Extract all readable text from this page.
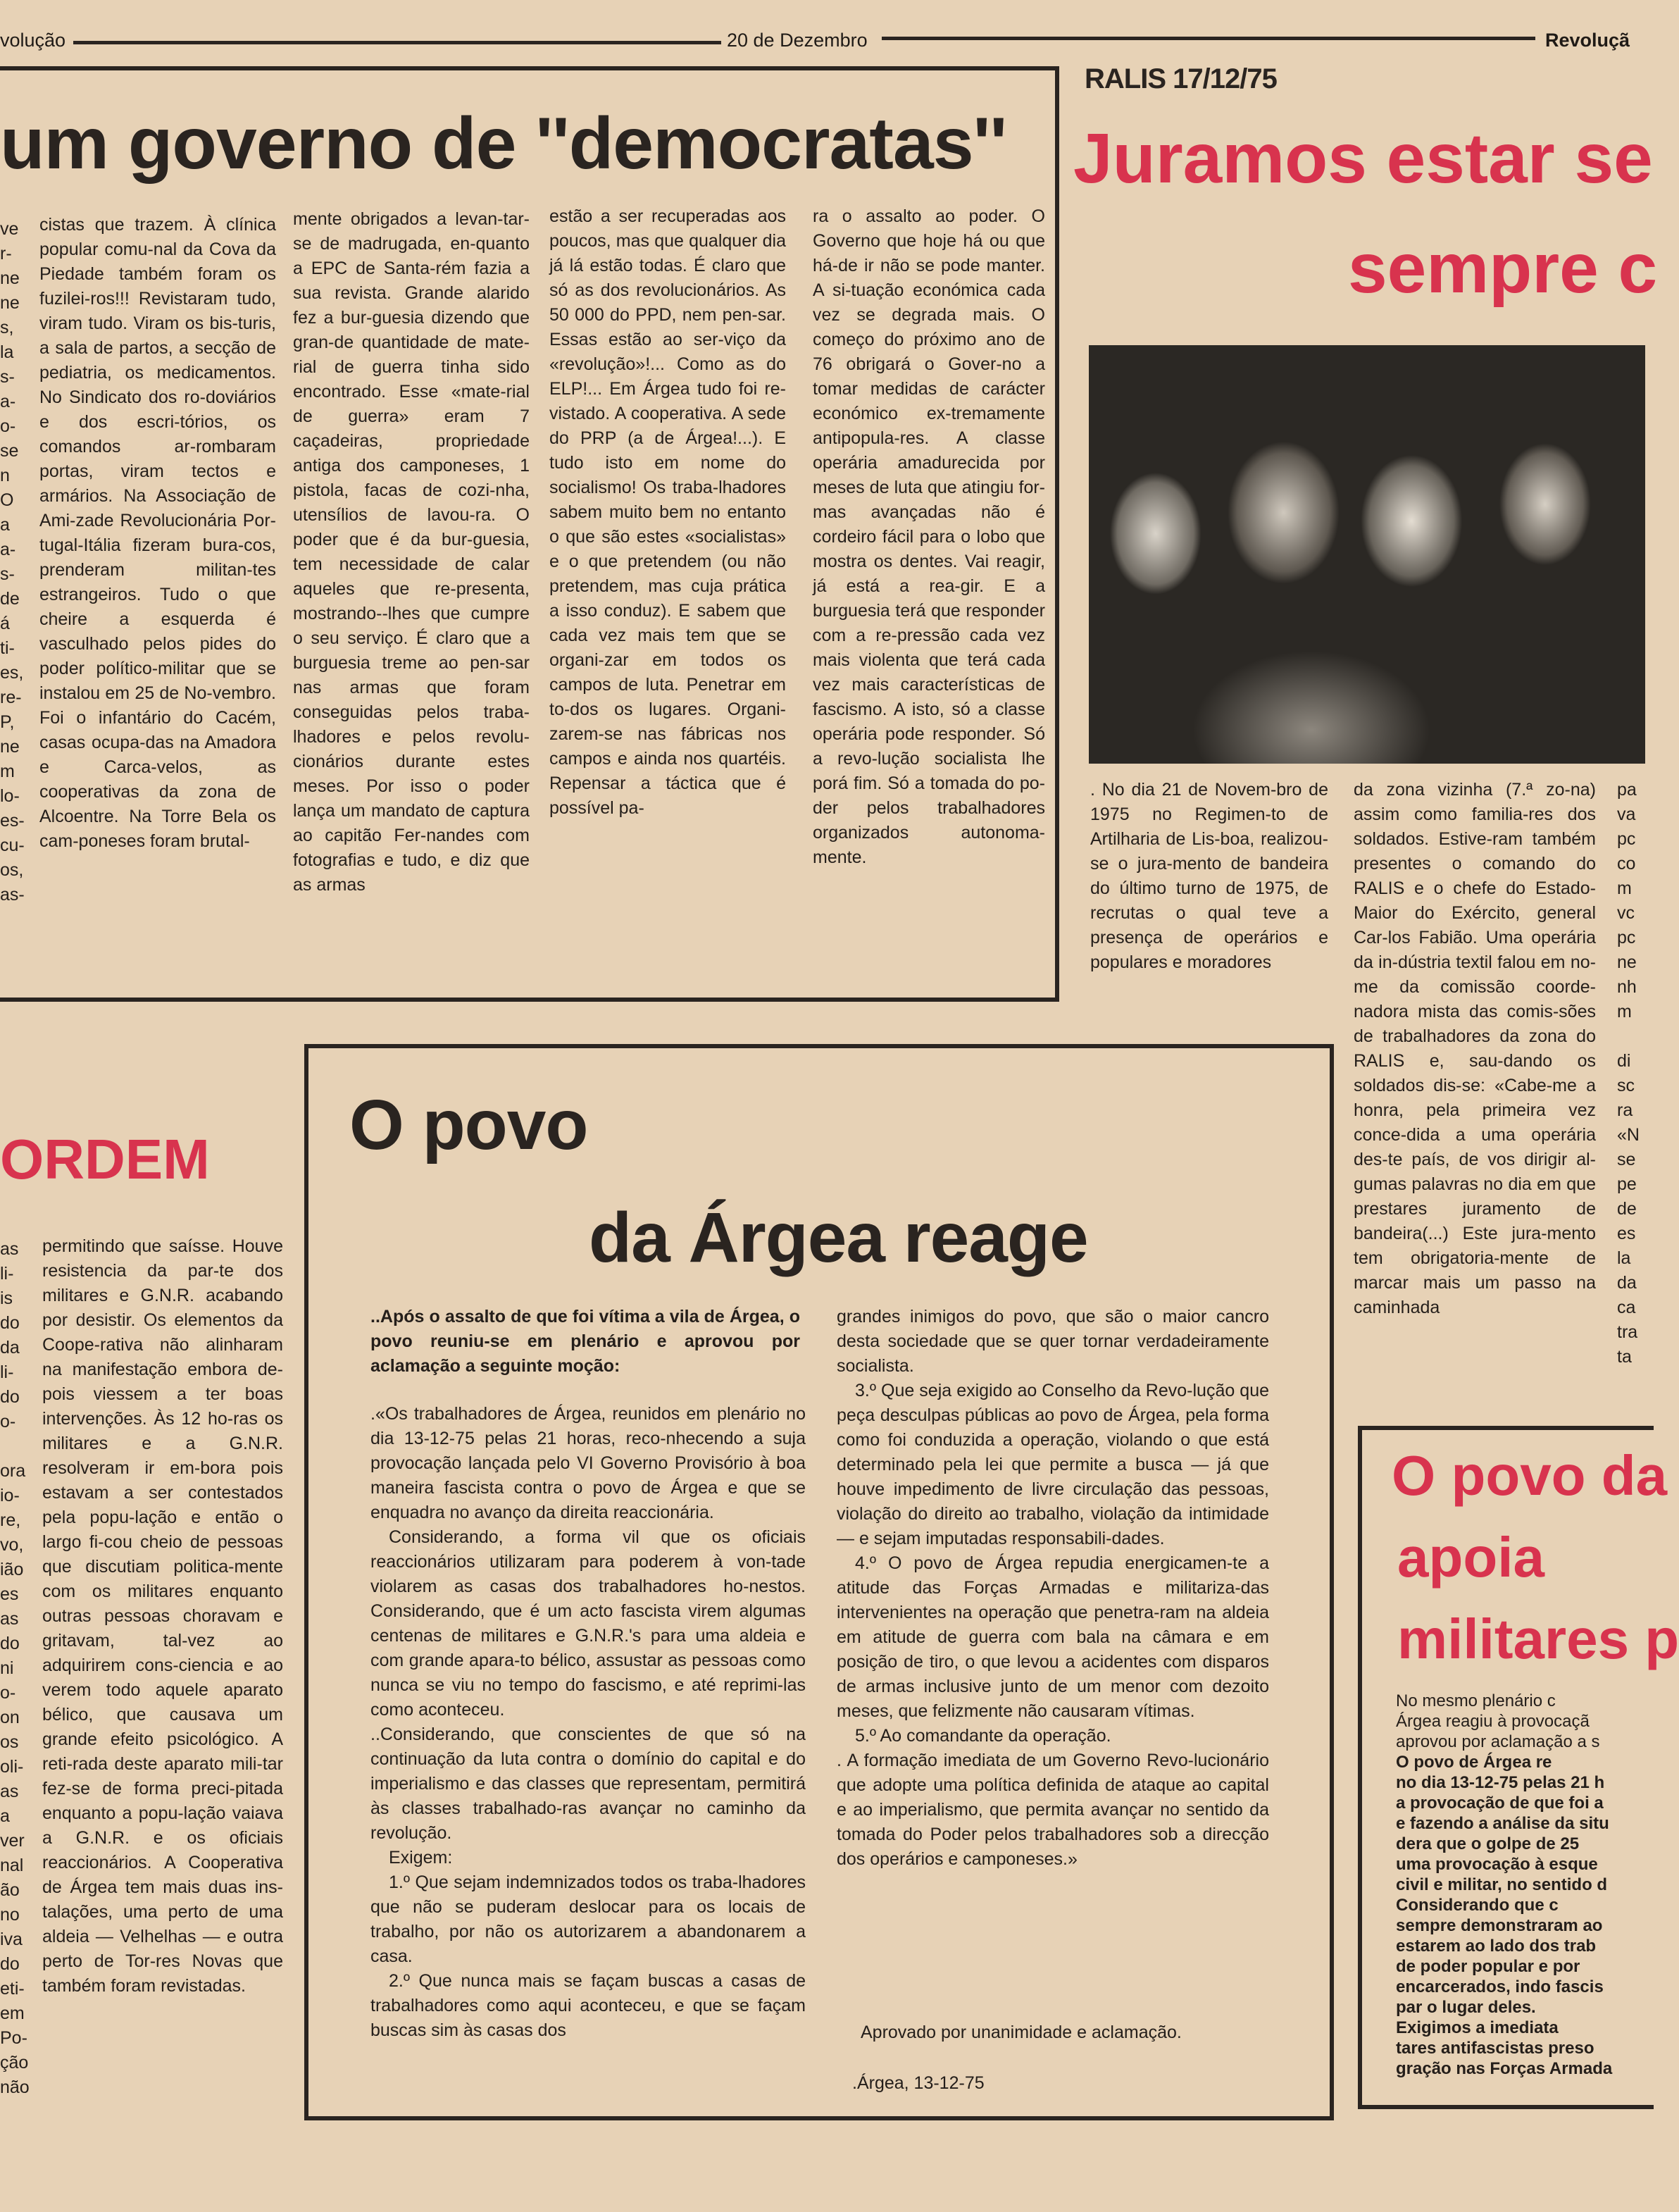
volução	20 de Dezembro	Revoluçã
um governo de ''democratas''
ve
r-
ne
ne
s,
la
s-
a-
o-
se
n
O
a
a-
s-
de
á
ti-
es,
re-
P,
ne
m
lo-
es-
cu-
os,
as-
cistas que trazem. À clínica popular comu-nal da Cova da Piedade também foram os fuzilei-ros!!! Revistaram tudo, viram tudo. Viram os bis-turis, a sala de partos, a secção de pediatria, os medicamentos. No Sindicato dos ro-doviários e dos escri-tórios, os comandos ar-rombaram portas, viram tectos e armários. Na Associação de Ami-zade Revolucionária Por-tugal-Itália fizeram bura-cos, prenderam militan-tes estrangeiros. Tudo o que cheire a esquerda é vasculhado pelos pides do poder político-militar que se instalou em 25 de No-vembro. Foi o infantário do Cacém, casas ocupa-das na Amadora e Carca-velos, as cooperativas da zona de Alcoentre. Na Torre Bela os cam-poneses foram brutal-
mente obrigados a levan-tar-se de madrugada, en-quanto a EPC de Santa-rém fazia a sua revista. Grande alarido fez a bur-guesia dizendo que gran-de quantidade de mate-rial de guerra tinha sido encontrado. Esse «mate-rial de guerra» eram 7 caçadeiras, propriedade antiga dos camponeses, 1 pistola, facas de cozi-nha, utensílios de lavou-ra. O poder que é da bur-guesia, tem necessidade de calar aqueles que re-presenta, mostrando--lhes que cumpre o seu serviço. É claro que a burguesia treme ao pen-sar nas armas que foram conseguidas pelos traba-lhadores e pelos revolu-cionários durante estes meses. Por isso o poder lança um mandato de captura ao capitão Fer-nandes com fotografias e tudo, e diz que as armas
estão a ser recuperadas aos poucos, mas que qualquer dia já lá estão todas. É claro que só as dos revolucionários. As 50 000 do PPD, nem pen-sar. Essas estão ao ser-viço da «revolução»!... Como as do ELP!... Em Árgea tudo foi re-vistado. A cooperativa. A sede do PRP (a de Árgea!...). E tudo isto em nome do socialismo! Os traba-lhadores sabem muito bem no entanto o que são estes «socialistas» e o que pretendem (ou não pretendem, mas cuja prática a isso conduz). E sabem que cada vez mais tem que se organi-zar em todos os campos de luta. Penetrar em to-dos os lugares. Organi-zarem-se nas fábricas nos campos e ainda nos quartéis. Repensar a táctica que é possível pa-
ra o assalto ao poder. O Governo que hoje há ou que há-de ir não se pode manter. A si-tuação económica cada vez se degrada mais. O começo do próximo ano de 76 obrigará o Gover-no a tomar medidas de carácter económico ex-tremamente antipopula-res. A classe operária amadurecida por meses de luta que atingiu for-mas avançadas não é cordeiro fácil para o lobo que mostra os dentes. Vai reagir, já está a rea-gir. E a burguesia terá que responder com a re-pressão cada vez mais violenta que terá cada vez mais características de fascismo. A isto, só a classe operária pode responder. Só a revo-lução socialista lhe porá fim. Só a tomada do po-der pelos trabalhadores organizados autonoma-mente.
RALIS 17/12/75
Juramos estar se
sempre c
. No dia 21 de Novem-bro de 1975 no Regimen-to de Artilharia de Lis-boa, realizou-se o jura-mento de bandeira do último turno de 1975, de recrutas o qual teve a presença de operários e populares e moradores
da zona vizinha (7.ª zo-na) assim como familia-res dos soldados. Estive-ram também presentes o comando do RALIS e o chefe do Estado-Maior do Exército, general Car-los Fabião. Uma operária da in-dústria textil falou em no-me da comissão coorde-nadora mista das comis-sões de trabalhadores da zona do RALIS e, sau-dando os soldados dis-se: «Cabe-me a honra, pela primeira vez conce-dida a uma operária des-te país, de vos dirigir al-gumas palavras no dia em que prestares juramento de bandeira(...) Este jura-mento tem obrigatoria-mente de marcar mais um passo na caminhada
pa
va
pc
co
m
vc
pc
ne
nh
m

di
sc
ra
«N
se
pe
de
es
la
da
ca
tra
ta
ORDEM
as
li-
is
do
da
li-
do
o-

ora
io-
re,
vo,
ião
es
as
do
ni
o-
on
os
oli-
as
a
ver
nal
ão
no
iva
do
eti-
em
Po-
ção
não
permitindo que saísse. Houve resistencia da par-te dos militares e G.N.R. acabando por desistir. Os elementos da Coope-rativa não alinharam na manifestação embora de-pois viessem a ter boas intervenções. Às 12 ho-ras os militares e a G.N.R. resolveram ir em-bora pois estavam a ser contestados pela popu-lação e então o largo fi-cou cheio de pessoas que discutiam politica-mente com os militares enquanto outras pessoas choravam e gritavam, tal-vez ao adquirirem cons-ciencia e ao verem todo aquele aparato bélico, que causava um grande efeito psicológico. A reti-rada deste aparato mili-tar fez-se de forma preci-pitada enquanto a popu-lação vaiava a G.N.R. e os oficiais reaccionários. A Cooperativa de Árgea tem mais duas ins-talações, uma perto de uma aldeia — Velhelhas — e outra perto de Tor-res Novas que também foram revistadas.
O povo
da Árgea reage
..Após o assalto de que foi vítima a vila de Árgea, o povo reuniu-se em plenário e aprovou por aclamação a seguinte moção:

.«Os trabalhadores de Árgea, reunidos em plenário no dia 13-12-75 pelas 21 horas, reco-nhecendo a suja provocação lançada pelo VI Governo Provisório à boa maneira fascista contra o povo de Árgea e que se enquadra no avanço da direita reaccionária.

Considerando, a forma vil que os oficiais reaccionários utilizaram para poderem à von-tade violarem as casas dos trabalhadores ho-nestos. Considerando, que é um acto fascista virem algumas centenas de militares e G.N.R.'s para uma aldeia e com grande apara-to bélico, assustar as pessoas como nunca se viu no tempo do fascismo, e até reprimi-las como aconteceu.

..Considerando, que conscientes de que só na continuação da luta contra o domínio do capital e do imperialismo e das classes que representam, permitirá às classes trabalhado-ras avançar no caminho da revolução.

Exigem:

1.º Que sejam indemnizados todos os traba-lhadores que não se puderam deslocar para os locais de trabalho, por não os autorizarem a abandonarem a casa.

2.º Que nunca mais se façam buscas a casas de trabalhadores como aqui aconteceu, e que se façam buscas sim às casas dos

grandes inimigos do povo, que são o maior cancro desta sociedade que se quer tornar verdadeiramente socialista.

3.º Que seja exigido ao Conselho da Revo-lução que peça desculpas públicas ao povo de Árgea, pela forma como foi conduzida a operação, violando o que está determinado pela lei que permite a busca — já que houve impedimento de livre circulação das pessoas, violação do direito ao trabalho, violação da intimidade — e sejam imputadas responsabili-dades.

4.º O povo de Árgea repudia energicamen-te a atitude das Forças Armadas e militariza-das intervenientes na operação que penetra-ram na aldeia em atitude de guerra com bala na câmara e em posição de tiro, o que levou a acidentes com disparos de armas inclusive junto de um menor com dezoito meses, que felizmente não causaram vítimas.

5.º Ao comandante da operação.

. A formação imediata de um Governo Revo-lucionário que adopte uma política definida de ataque ao capital e ao imperialismo, que permita avançar no sentido da tomada do Poder pelos trabalhadores sob a direcção dos operários e camponeses.»

Aprovado por unanimidade e aclamação.
.Árgea, 13-12-75
O povo da
apoia
militares p
No mesmo plenário c
Árgea reagiu à provocaçã
aprovou por aclamação a s
O povo de Árgea re
no dia 13-12-75 pelas 21 h
a provocação de que foi a
e fazendo a análise da situ
dera que o golpe de 25
uma provocação à esque
civil e militar, no sentido d
Considerando que c
sempre demonstraram ao
estarem ao lado dos trab
de poder popular e por
encarcerados, indo fascis
par o lugar deles.
Exigimos a imediata
tares antifascistas preso
gração nas Forças Armada
